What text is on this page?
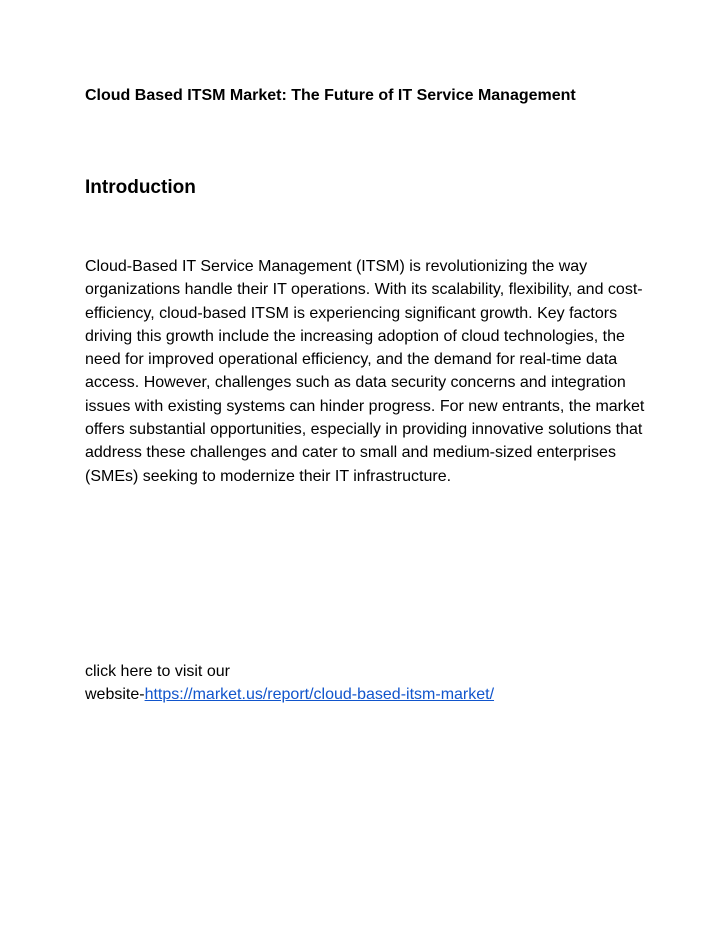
Cloud Based ITSM Market: The Future of IT Service Management
Introduction

Cloud-Based IT Service Management (ITSM) is revolutionizing the way organizations handle their IT operations. With its scalability, flexibility, and cost-efficiency, cloud-based ITSM is experiencing significant growth. Key factors driving this growth include the increasing adoption of cloud technologies, the need for improved operational efficiency, and the demand for real-time data access. However, challenges such as data security concerns and integration issues with existing systems can hinder progress. For new entrants, the market offers substantial opportunities, especially in providing innovative solutions that address these challenges and cater to small and medium-sized enterprises (SMEs) seeking to modernize their IT infrastructure.

click here to visit our
website-https://market.us/report/cloud-based-itsm-market/
